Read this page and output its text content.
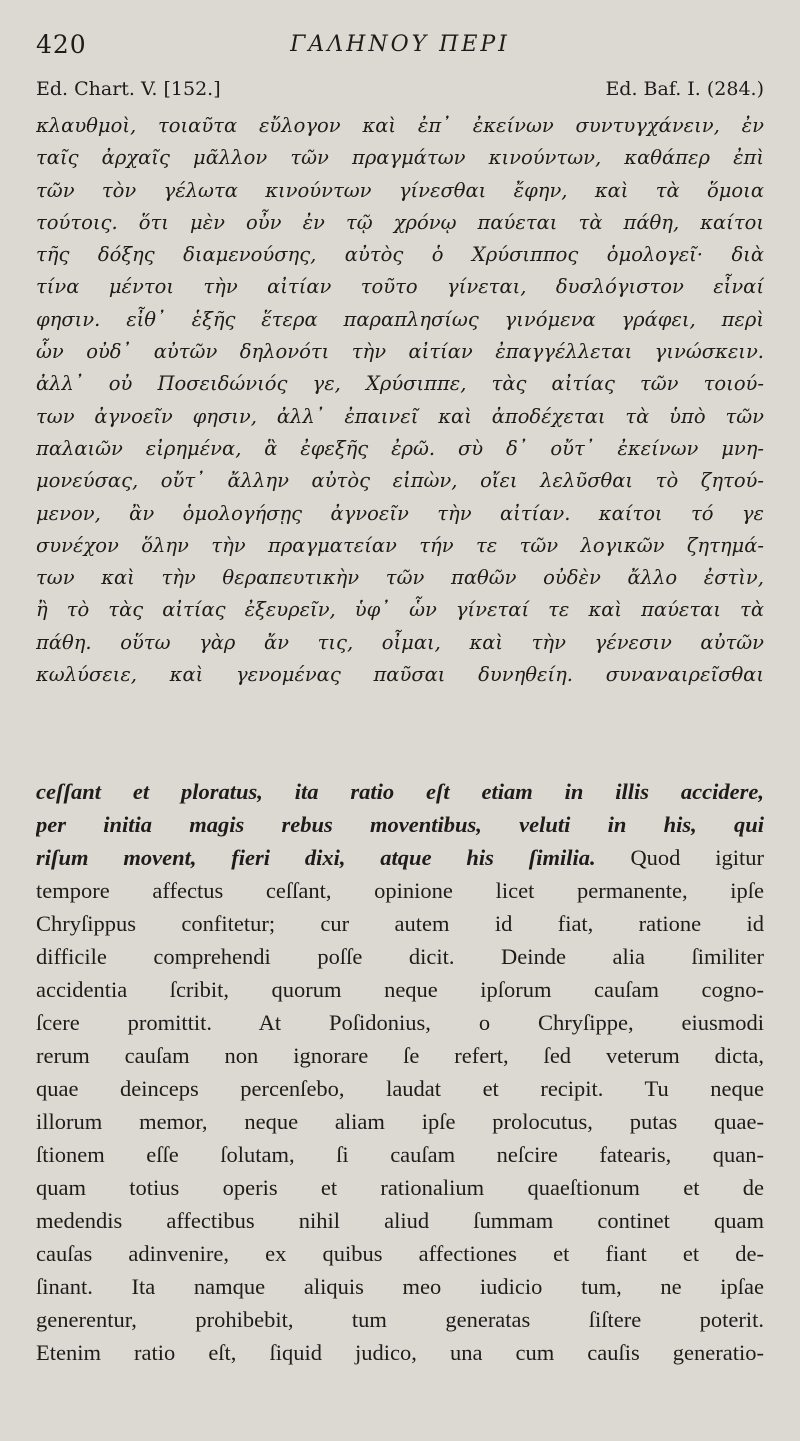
420	ΓΑΛΗΝΟΥ ΠΕΡΙ
Ed. Chart. V. [152.]	Ed. Baf. I. (284.)
κλαυθμοὶ, τοιαῦτα εὔλογον καὶ ἐπ᾽ ἐκείνων συντυγχάνειν, ἐν
ταῖς ἀρχαῖς μᾶλλον τῶν πραγμάτων κινούντων, καθάπερ ἐπὶ
τῶν τὸν γέλωτα κινούντων γίνεσθαι ἔφην, καὶ τὰ ὅμοια
τούτοις. ὅτι μὲν οὖν ἐν τῷ χρόνῳ παύεται τὰ πάθη, καίτοι
τῆς δόξης διαμενούσης, αὐτὸς ὁ Χρύσιππος ὁμολογεῖ· διὰ
τίνα μέντοι τὴν αἰτίαν τοῦτο γίνεται, δυσλόγιστον εἶναί
φησιν. εἶθ᾽ ἑξῆς ἕτερα παραπλησίως γινόμενα γράφει, περὶ
ὧν οὐδ᾽ αὐτῶν δηλονότι τὴν αἰτίαν ἐπαγγέλλεται γινώσκειν.
ἀλλ᾽ οὐ Ποσειδώνιός γε, Χρύσιππε, τὰς αἰτίας τῶν τοιού-
των ἀγνοεῖν φησιν, ἀλλ᾽ ἐπαινεῖ καὶ ἀποδέχεται τὰ ὑπὸ τῶν
παλαιῶν εἰρημένα, ἃ ἐφεξῆς ἐρῶ. σὺ δ᾽ οὔτ᾽ ἐκείνων μνη-
μονεύσας, οὔτ᾽ ἄλλην αὐτὸς εἰπὼν, οἴει λελῦσθαι τὸ ζητού-
μενον, ἂν ὁμολογήσῃς ἀγνοεῖν τὴν αἰτίαν. καίτοι τό γε
συνέχον ὅλην τὴν πραγματείαν τήν τε τῶν λογικῶν ζητημά-
των καὶ τὴν θεραπευτικὴν τῶν παθῶν οὐδὲν ἄλλο ἐστὶν,
ἢ τὸ τὰς αἰτίας ἐξευρεῖν, ὑφ᾽ ὧν γίνεταί τε καὶ παύεται τὰ
πάθη. οὕτω γὰρ ἄν τις, οἶμαι, καὶ τὴν γένεσιν αὐτῶν
κωλύσειε, καὶ γενομένας παῦσαι δυνηθείη. συναναιρεῖσθαι
ceſſant et ploratus, ita ratio eſt etiam in illis accidere,
per initia magis rebus moventibus, veluti in his, qui
riſum movent, fieri dixi, atque his ſimilia. Quod igitur
tempore affectus ceſſant, opinione licet permanente, ipſe
Chryſippus confitetur; cur autem id fiat, ratione id
difficile comprehendi poſſe dicit. Deinde alia ſimiliter
accidentia ſcribit, quorum neque ipſorum cauſam cogno-
ſcere promittit. At Poſidonius, o Chryſippe, eiusmodi
rerum cauſam non ignorare ſe refert, ſed veterum dicta,
quae deinceps percenſebo, laudat et recipit. Tu neque
illorum memor, neque aliam ipſe prolocutus, putas quae-
ſtionem eſſe ſolutam, ſi cauſam neſcire fatearis, quan-
quam totius operis et rationalium quaeſtionum et de
medendis affectibus nihil aliud ſummam continet quam
cauſas adinvenire, ex quibus affectiones et fiant et de-
ſinant. Ita namque aliquis meo iudicio tum, ne ipſae
generentur, prohibebit, tum generatas ſiſtere poterit.
Etenim ratio eſt, ſiquid judico, una cum cauſis generatio-
